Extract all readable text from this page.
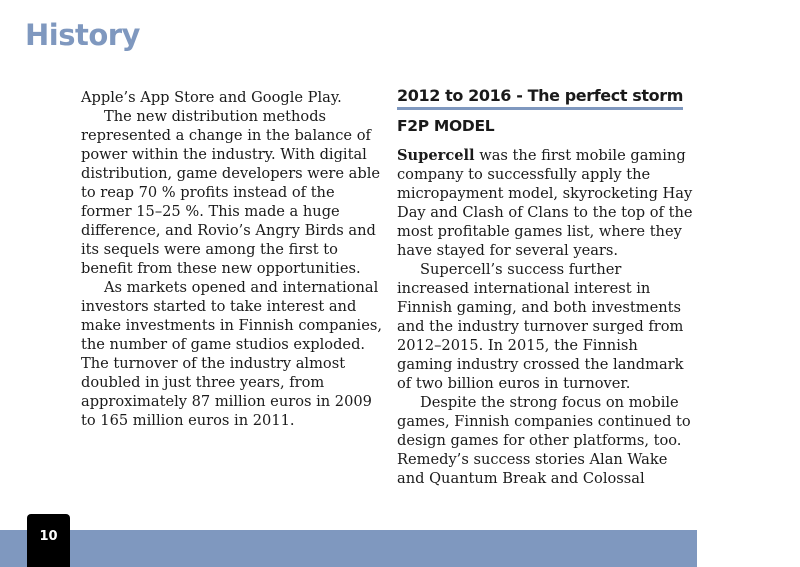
History

Apple’s App Store and Google Play.

The new distribution methods represented a change in the balance of power within the industry. With digital distribution, game developers were able to reap 70 % profits instead of the former 15–25 %. This made a huge difference, and Rovio’s Angry Birds and its sequels were among the first to benefit from these new opportunities.

As markets opened and international investors started to take interest and make investments in Finnish companies, the number of game studios exploded. The turnover of the industry almost doubled in just three years, from approximately 87 million euros in 2009 to 165 million euros in 2011.

2012 to 2016 - The perfect storm
F2P MODEL

Supercell was the first mobile gaming company to successfully apply the micropayment model, skyrocketing Hay Day and Clash of Clans to the top of the most profitable games list, where they have stayed for several years.

Supercell’s success further increased international interest in Finnish gaming, and both investments and the industry turnover surged from 2012–2015. In 2015, the Finnish gaming industry crossed the landmark of two billion euros in turnover.

Despite the strong focus on mobile games, Finnish companies continued to design games for other platforms, too. Remedy’s success stories Alan Wake and Quantum Break and Colossal

10
